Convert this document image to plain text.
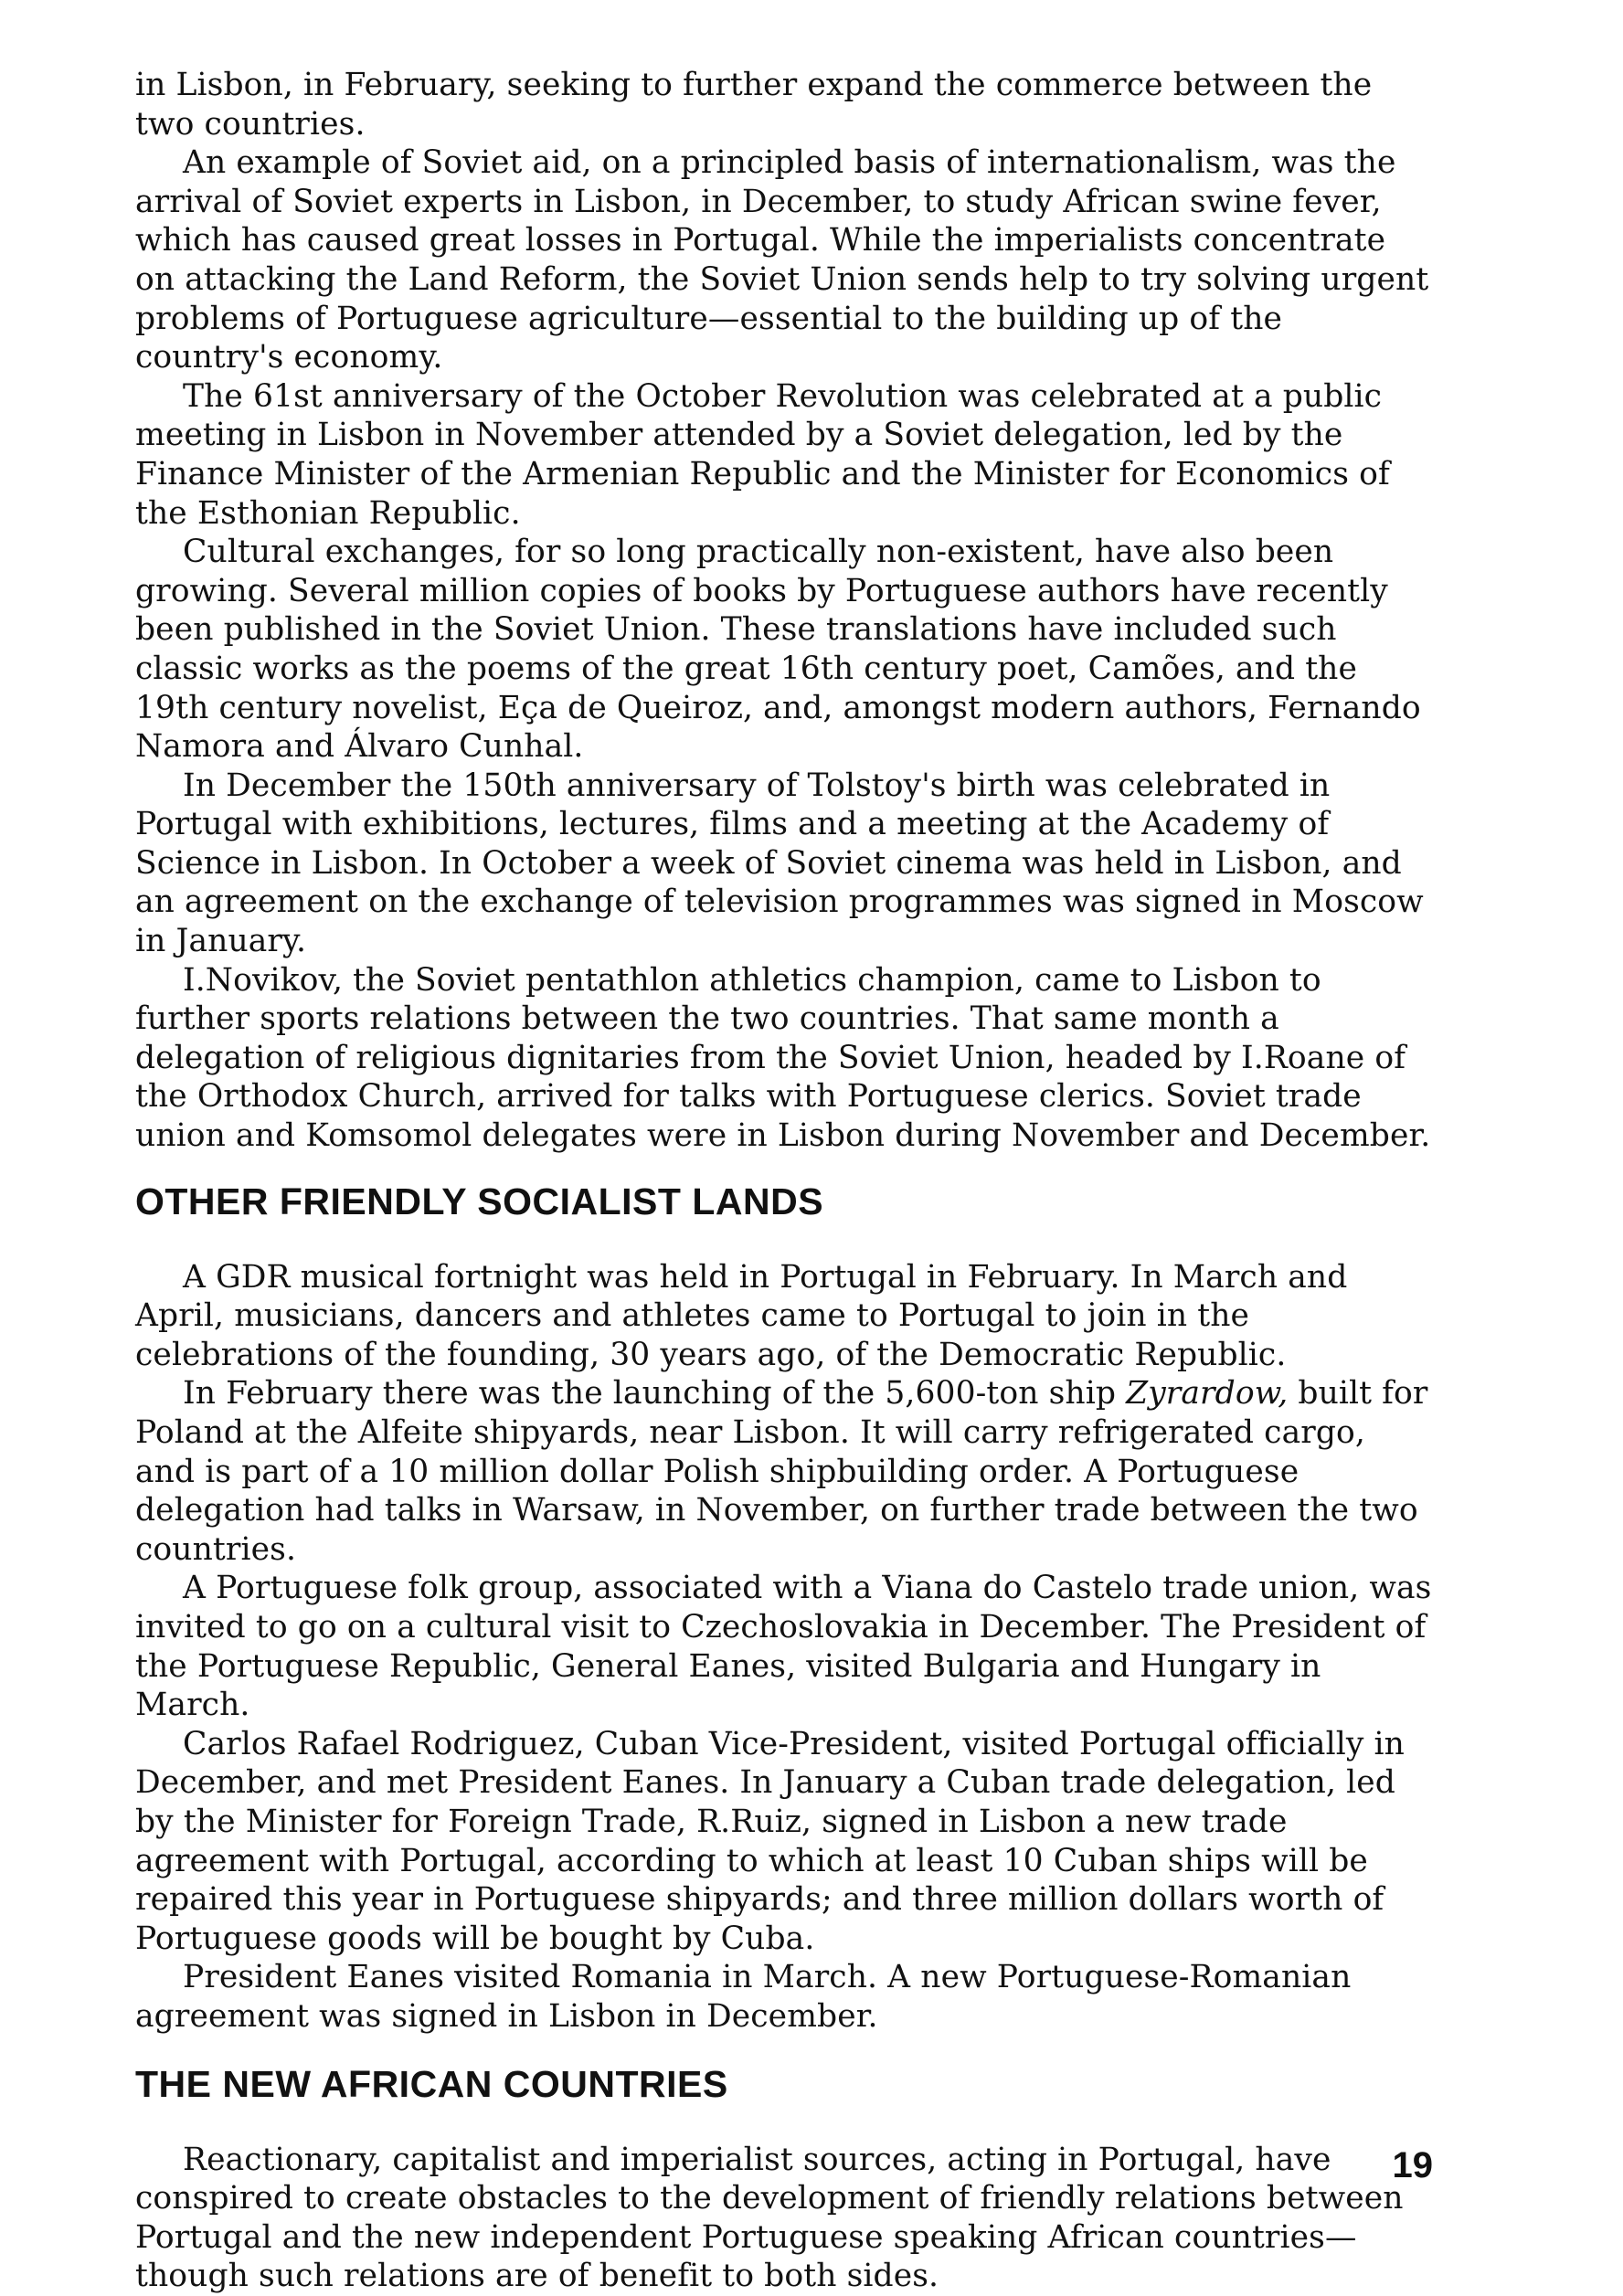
in Lisbon, in February, seeking to further expand the commerce between the two countries.

An example of Soviet aid, on a principled basis of internationalism, was the arrival of Soviet experts in Lisbon, in December, to study African swine fever, which has caused great losses in Portugal. While the imperialists concentrate on attacking the Land Reform, the Soviet Union sends help to try solving urgent problems of Portuguese agriculture—essential to the building up of the country's economy.

The 61st anniversary of the October Revolution was celebrated at a public meeting in Lisbon in November attended by a Soviet delegation, led by the Finance Minister of the Armenian Republic and the Minister for Economics of the Esthonian Republic.

Cultural exchanges, for so long practically non-existent, have also been growing. Several million copies of books by Portuguese authors have recently been published in the Soviet Union. These translations have included such classic works as the poems of the great 16th century poet, Camões, and the 19th century novelist, Eça de Queiroz, and, amongst modern authors, Fernando Namora and Álvaro Cunhal.

In December the 150th anniversary of Tolstoy's birth was celebrated in Portugal with exhibitions, lectures, films and a meeting at the Academy of Science in Lisbon. In October a week of Soviet cinema was held in Lisbon, and an agreement on the exchange of television programmes was signed in Moscow in January.

I.Novikov, the Soviet pentathlon athletics champion, came to Lisbon to further sports relations between the two countries. That same month a delegation of religious dignitaries from the Soviet Union, headed by I.Roane of the Orthodox Church, arrived for talks with Portuguese clerics. Soviet trade union and Komsomol delegates were in Lisbon during November and December.

OTHER FRIENDLY SOCIALIST LANDS

A GDR musical fortnight was held in Portugal in February. In March and April, musicians, dancers and athletes came to Portugal to join in the celebrations of the founding, 30 years ago, of the Democratic Republic.

In February there was the launching of the 5,600-ton ship Zyrardow, built for Poland at the Alfeite shipyards, near Lisbon. It will carry refrigerated cargo, and is part of a 10 million dollar Polish shipbuilding order. A Portuguese delegation had talks in Warsaw, in November, on further trade between the two countries.

A Portuguese folk group, associated with a Viana do Castelo trade union, was invited to go on a cultural visit to Czechoslovakia in December. The President of the Portuguese Republic, General Eanes, visited Bulgaria and Hungary in March.

Carlos Rafael Rodriguez, Cuban Vice-President, visited Portugal officially in December, and met President Eanes. In January a Cuban trade delegation, led by the Minister for Foreign Trade, R.Ruiz, signed in Lisbon a new trade agreement with Portugal, according to which at least 10 Cuban ships will be repaired this year in Portuguese shipyards; and three million dollars worth of Portuguese goods will be bought by Cuba.

President Eanes visited Romania in March. A new Portuguese-Romanian agreement was signed in Lisbon in December.

THE NEW AFRICAN COUNTRIES

Reactionary, capitalist and imperialist sources, acting in Portugal, have conspired to create obstacles to the development of friendly relations between Portugal and the new independent Portuguese speaking African countries—though such relations are of benefit to both sides.

19
